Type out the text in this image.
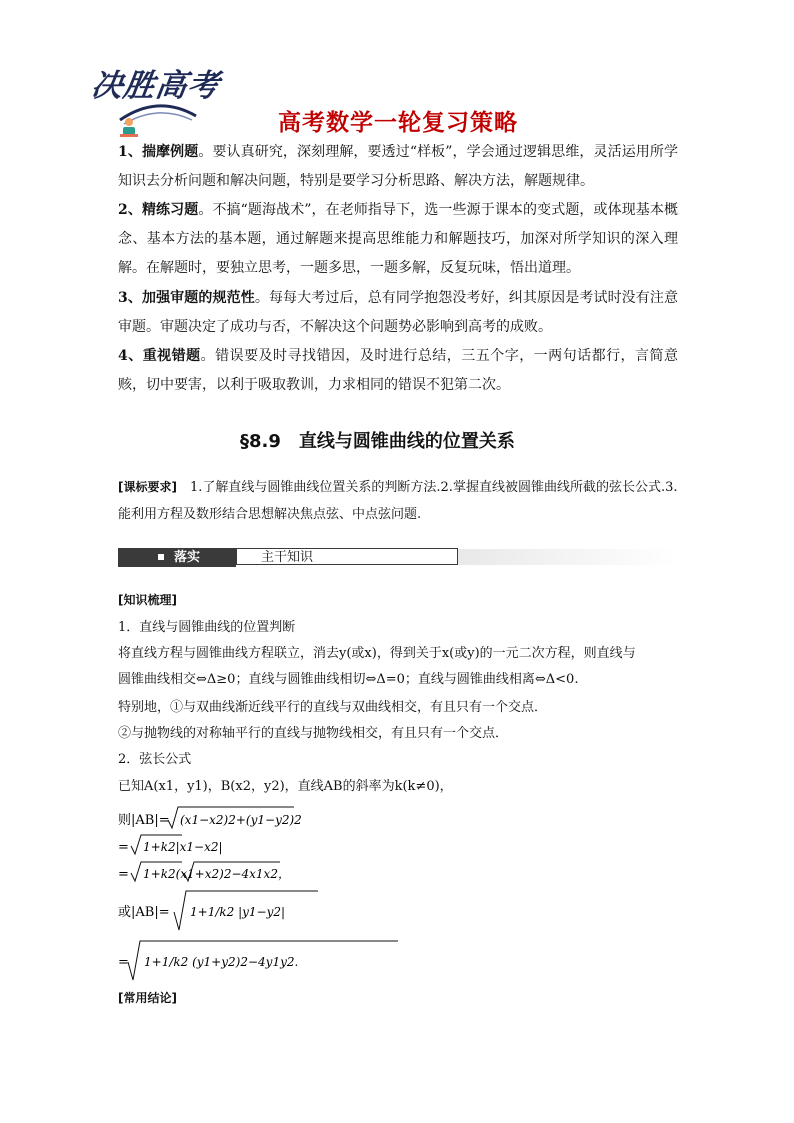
决胜高考
高考数学一轮复习策略
1、揣摩例题。要认真研究，深刻理解，要透过“样板”，学会通过逻辑思维，灵活运用所学知识去分析问题和解决问题，特别是要学习分析思路、解决方法，解题规律。
2、精练习题。不搞“题海战术”，在老师指导下，选一些源于课本的变式题，或体现基本概念、基本方法的基本题，通过解题来提高思维能力和解题技巧，加深对所学知识的深入理解。在解题时，要独立思考，一题多思，一题多解，反复玩味，悟出道理。
3、加强审题的规范性。每每大考过后，总有同学抱怨没考好，纠其原因是考试时没有注意审题。审题决定了成功与否，不解决这个问题势必影响到高考的成败。
4、重视错题。错误要及时寻找错因，及时进行总结，三五个字，一两句话都行，言简意赅，切中要害，以利于吸取教训，力求相同的错误不犯第二次。
§8.9　直线与圆锥曲线的位置关系
[课标要求]　 1.了解直线与圆锥曲线位置关系的判断方法.2.掌握直线被圆锥曲线所截的弦长公式.3.能利用方程及数形结合思想解决焦点弦、中点弦问题.
落实	主干知识
[知识梳理]
1．直线与圆锥曲线的位置判断
将直线方程与圆锥曲线方程联立，消去y(或x)，得到关于x(或y)的一元二次方程，则直线与
圆锥曲线相交⇔Δ≥0；直线与圆锥曲线相切⇔Δ=0；直线与圆锥曲线相离⇔Δ<0.
特别地，①与双曲线渐近线平行的直线与双曲线相交，有且只有一个交点．
②与抛物线的对称轴平行的直线与抛物线相交，有且只有一个交点．
2．弦长公式
已知A(x1，y1)，B(x2，y2)，直线AB的斜率为k(k≠0)，
则|AB|= (x1−x2)2+(y1−y2)2
= 1+k2|x1−x2|
= 1+k2(x1+x2)2−4x1x2，
或|AB|= 1+1/k2 |y1−y2|
= 1+1/k2 (y1+y2)2−4y1y2.
[常用结论]
